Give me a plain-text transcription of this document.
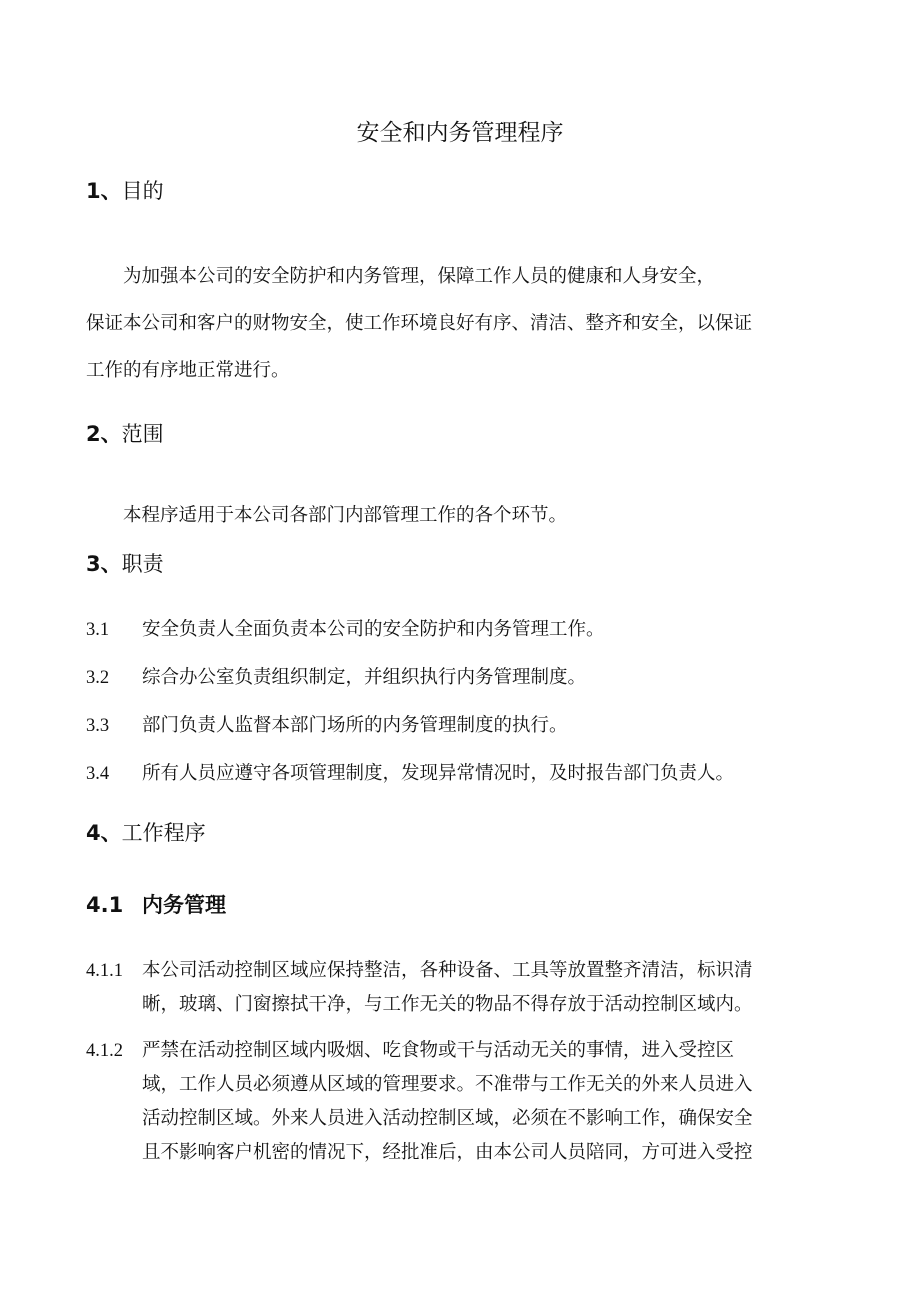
安全和内务管理程序
1、目的
为加强本公司的安全防护和内务管理，保障工作人员的健康和人身安全，
保证本公司和客户的财物安全，使工作环境良好有序、清洁、整齐和安全，以保证
工作的有序地正常进行。
2、范围
本程序适用于本公司各部门内部管理工作的各个环节。
3、职责

3.1 安全负责人全面负责本公司的安全防护和内务管理工作。

3.2 综合办公室负责组织制定，并组织执行内务管理制度。

3.3 部门负责人监督本部门场所的内务管理制度的执行。

3.4 所有人员应遵守各项管理制度，发现异常情况时，及时报告部门负责人。

4、工作程序
4.1 内务管理
4.1.1	本公司活动控制区域应保持整洁，各种设备、工具等放置整齐清洁，标识清
晰，玻璃、门窗擦拭干净，与工作无关的物品不得存放于活动控制区域内。
4.1.2	严禁在活动控制区域内吸烟、吃食物或干与活动无关的事情，进入受控区
域，工作人员必须遵从区域的管理要求。不准带与工作无关的外来人员进入
活动控制区域。外来人员进入活动控制区域，必须在不影响工作，确保安全
且不影响客户机密的情况下，经批准后，由本公司人员陪同，方可进入受控
